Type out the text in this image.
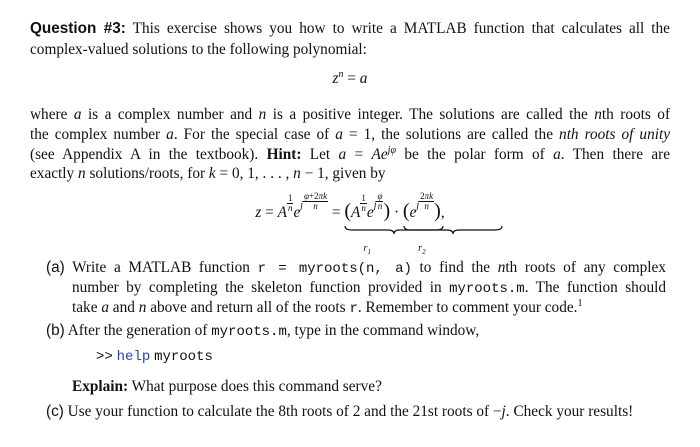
Question #3: This exercise shows you how to write a MATLAB function that calculates all the
complex-valued solutions to the following polynomial:
$z^n = a$
where a is a complex number and n is a positive integer. The solutions are called the nth roots of
the complex number a. For the special case of a = 1, the solutions are called the nth roots of unity
(see Appendix A in the textbook). Hint: Let $a = Ae^{j\varphi}$ be the polar form of a. Then there are
exactly n solutions/roots, for k = 0, 1, . . . , n − 1, given by
z = A $\frac{1}{n} e^j \frac{\varphi+2\pi k}{n}$
= ($A \frac{1}{n} e^j \frac{\varphi}{n}$ )
$r_1$
· ($e^j \frac{2\pi k}{n}$ )
$r_2$
,
(a) Write a MATLAB function r = myroots(n, a) to find the nth roots of any complex
number by completing the skeleton function provided in myroots.m. The function should
take a and n above and return all of the roots r. Remember to comment your code.$^1$
(b) After the generation of myroots.m, type in the command window,
>> help myroots
Explain: What purpose does this command serve?
(c) Use your function to calculate the 8th roots of 2 and the 21st roots of −j. Check your results!
